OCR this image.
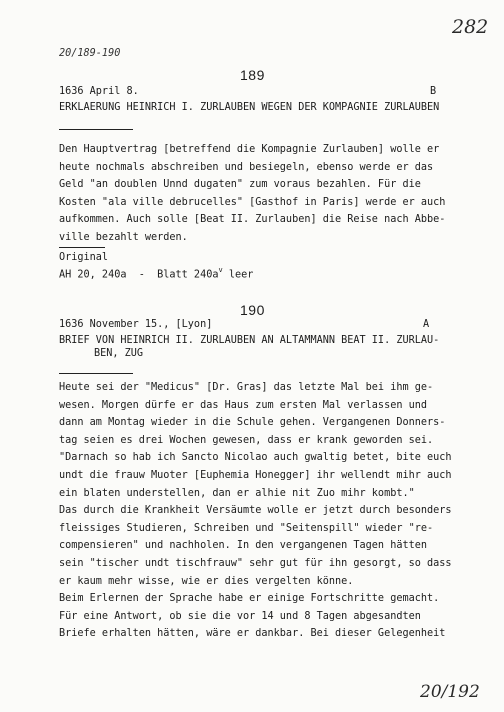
282
20/189-190
189
1636 April 8.	B
ERKLAERUNG HEINRICH I. ZURLAUBEN WEGEN DER KOMPAGNIE ZURLAUBEN
Den Hauptvertrag [betreffend die Kompagnie Zurlauben] wolle er
heute nochmals abschreiben und besiegeln, ebenso werde er das
Geld "an doublen Unnd dugaten" zum voraus bezahlen. Für die
Kosten "ala ville debrucelles" [Gasthof in Paris] werde er auch
aufkommen. Auch solle [Beat II. Zurlauben] die Reise nach Abbe-
ville bezahlt werden.
Original
AH 20, 240a  -  Blatt $240a^v$ leer
190
1636 November 15., [Lyon]	A
BRIEF VON HEINRICH II. ZURLAUBEN AN ALTAMMANN BEAT II. ZURLAU-
BEN, ZUG
Heute sei der "Medicus" [Dr. Gras] das letzte Mal bei ihm ge-
wesen. Morgen dürfe er das Haus zum ersten Mal verlassen und
dann am Montag wieder in die Schule gehen. Vergangenen Donners-
tag seien es drei Wochen gewesen, dass er krank geworden sei.
"Darnach so hab ich Sancto Nicolao auch gwaltig betet, bite euch
undt die frauw Muoter [Euphemia Honegger] ihr wellendt mihr auch
ein blaten understellen, dan er alhie nit Zuo mihr kombt."
Das durch die Krankheit Versäumte wolle er jetzt durch besonders
fleissiges Studieren, Schreiben und "Seitenspill" wieder "re-
compensieren" und nachholen. In den vergangenen Tagen hätten
sein "tischer undt tischfrauw" sehr gut für ihn gesorgt, so dass
er kaum mehr wisse, wie er dies vergelten könne.
Beim Erlernen der Sprache habe er einige Fortschritte gemacht.
Für eine Antwort, ob sie die vor 14 und 8 Tagen abgesandten
Briefe erhalten hätten, wäre er dankbar. Bei dieser Gelegenheit
20/192
